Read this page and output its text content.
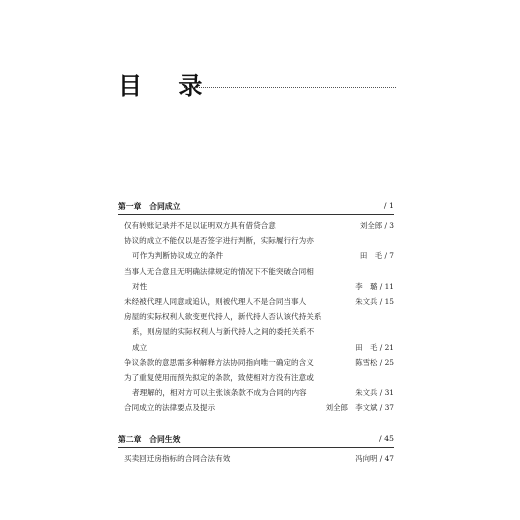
目 录
第一章　合同成立	/ 1
仅有转账记录并不足以证明双方具有借贷合意	刘全郎 / 3
协议的成立不能仅以是否签字进行判断，实际履行行为亦
可作为判断协议成立的条件	田　毛 / 7
当事人无合意且无明确法律规定的情况下不能突破合同相
对性	李　璐 / 11
未经被代理人同意或追认，则被代理人不是合同当事人	朱文兵 / 15
房屋的实际权利人欲变更代持人，新代持人否认该代持关系
系，则房屋的实际权利人与新代持人之间的委托关系不
成立	田　毛 / 21
争议条款的意思需多种解释方法协同指向唯一确定的含义	陈雪松 / 25
为了重复使用而预先拟定的条款，致使相对方没有注意或
者理解的，相对方可以主张该条款不成为合同的内容	朱文兵 / 31
合同成立的法律要点及提示	刘全郎　李文斌 / 37
第二章　合同生效	/ 45
买卖回迁房指标的合同合法有效	冯向明 / 47
